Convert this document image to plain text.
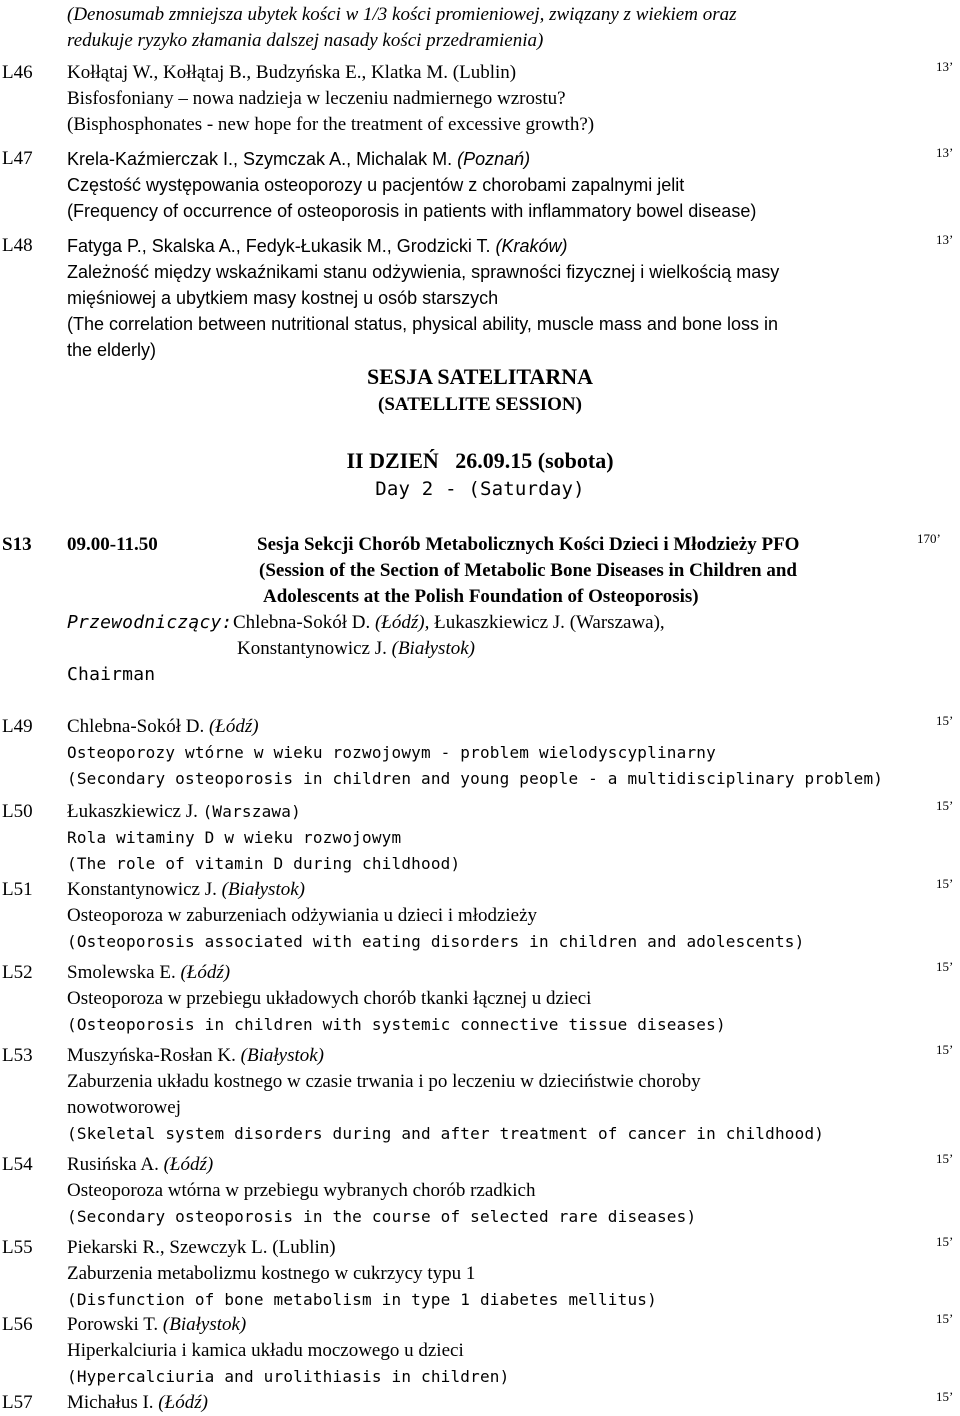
(Denosumab zmniejsza ubytek kości w 1/3 kości promieniowej, związany z wiekiem oraz
redukuje ryzyko złamania dalszej nasady kości przedramienia)
L46 Kołłątaj W., Kołłątaj B., Budzyńska E., Klatka M. (Lublin)
Bisfosfoniany – nowa nadzieja w leczeniu nadmiernego wzrostu?
(Bisphosphonates - new hope for the treatment of excessive growth?)
13’
L47 Krela-Kaźmierczak I., Szymczak A., Michalak M. (Poznań)
Częstość występowania osteoporozy u pacjentów z chorobami zapalnymi jelit
(Frequency of occurrence of osteoporosis in patients with inflammatory bowel disease)
13’
L48 Fatyga P., Skalska A., Fedyk-Łukasik M., Grodzicki T. (Kraków)
Zależność między wskaźnikami stanu odżywienia, sprawności fizycznej i wielkością masy
mięśniowej a ubytkiem masy kostnej u osób starszych
(The correlation between nutritional status, physical ability, muscle mass and bone loss in
the elderly)
13’
SESJA SATELITARNA
(SATELLITE SESSION)
II DZIEŃ   26.09.15 (sobota)
Day 2 - (Saturday)
S13 09.00-11.50	Sesja Sekcji Chorób Metabolicznych Kości Dzieci i Młodzieży PFO
(Session of the Section of Metabolic Bone Diseases in Children and
Adolescents at the Polish Foundation of Osteoporosis)
170’
Przewodniczący: Chlebna-Sokół D. (Łódź), Łukaszkiewicz J. (Warszawa),
Konstantynowicz J. (Białystok)
Chairman
L49 Chlebna-Sokół D. (Łódź)
Osteoporozy wtórne w wieku rozwojowym - problem wielodyscyplinarny
(Secondary osteoporosis in children and young people - a multidisciplinary problem)
15’
L50 Łukaszkiewicz J. (Warszawa)
Rola witaminy D w wieku rozwojowym
(The role of vitamin D during childhood)
15’
L51 Konstantynowicz J. (Białystok)
Osteoporoza w zaburzeniach odżywiania u dzieci i młodzieży
(Osteoporosis associated with eating disorders in children and adolescents)
15’
L52 Smolewska E. (Łódź)
Osteoporoza w przebiegu układowych chorób tkanki łącznej u dzieci
(Osteoporosis in children with systemic connective tissue diseases)
15’
L53 Muszyńska-Rosłan K. (Białystok)
Zaburzenia układu kostnego w czasie trwania i po leczeniu w dzieciństwie choroby
nowotworowej
(Skeletal system disorders during and after treatment of cancer in childhood)
15’
L54 Rusińska A. (Łódź)
Osteoporoza wtórna w przebiegu wybranych chorób rzadkich
(Secondary osteoporosis in the course of selected rare diseases)
15’
L55 Piekarski R., Szewczyk L. (Lublin)
Zaburzenia metabolizmu kostnego w cukrzycy typu 1
(Disfunction of bone metabolism in type 1 diabetes mellitus)
15’
L56 Porowski T. (Białystok)
Hiperkalciuria i kamica układu moczowego u dzieci
(Hypercalciuria and urolithiasis in children)
15’
L57 Michałus I. (Łódź)	15’
